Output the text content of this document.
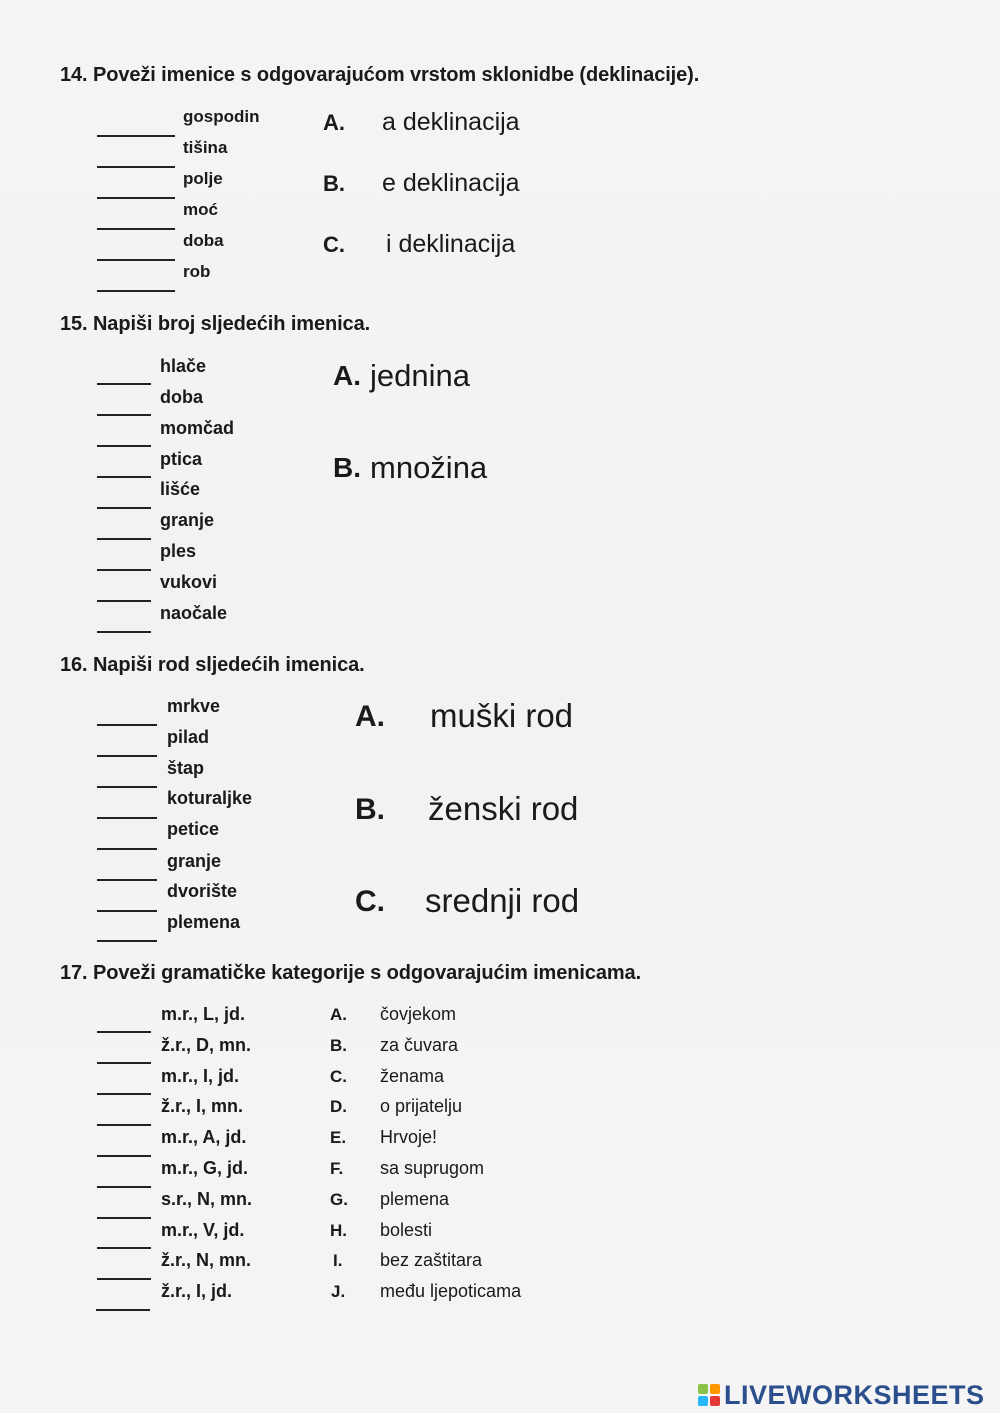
14. Poveži imenice s odgovarajućom vrstom sklonidbe (deklinacije).
gospodin
tišina
polje
moć
doba
rob
A. a deklinacija
B. e deklinacija
C. i deklinacija
15. Napiši broj sljedećih imenica.
hlače
doba
momčad
ptica
lišće
granje
ples
vukovi
naočale
A. jednina
B. množina
16. Napiši rod sljedećih imenica.
mrkve
pilad
štap
koturaljke
petice
granje
dvorište
plemena
A. muški rod
B. ženski rod
C. srednji rod
17. Poveži gramatičke kategorije s odgovarajućim imenicama.
m.r., L, jd.
ž.r., D, mn.
m.r., I, jd.
ž.r., I, mn.
m.r., A, jd.
m.r., G, jd.
s.r., N, mn.
m.r., V, jd.
ž.r., N, mn.
ž.r., I, jd.
A. čovjekom
B. za čuvara
C. ženama
D. o prijatelju
E. Hrvoje!
F. sa suprugom
G. plemena
H. bolesti
I. bez zaštitara
J. među ljepoticama
LIVEWORKSHEETS
